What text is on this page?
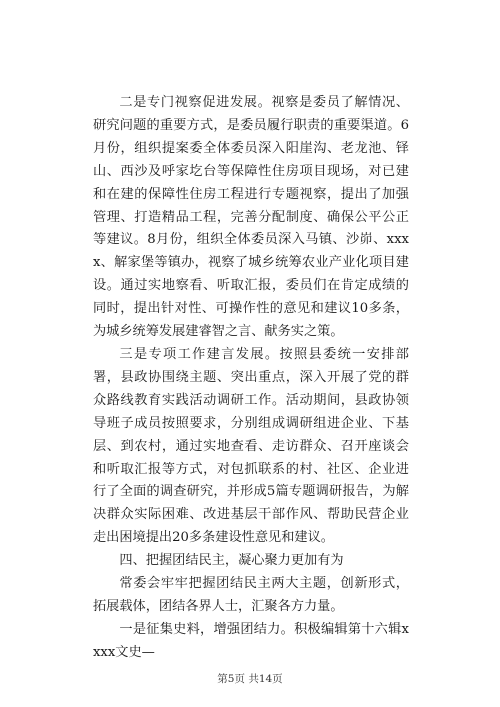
二是专门视察促进发展。视察是委员了解情况、研究问题的重要方式，是委员履行职责的重要渠道。6月份，组织提案委全体委员深入阳崖沟、老龙池、铎山、西沙及呼家圪台等保障性住房项目现场，对已建和在建的保障性住房工程进行专题视察，提出了加强管理、打造精品工程，完善分配制度、确保公平公正等建议。8月份，组织全体委员深入马镇、沙峁、xxxx、解家堡等镇办，视察了城乡统筹农业产业化项目建设。通过实地察看、听取汇报，委员们在肯定成绩的同时，提出针对性、可操作性的意见和建议10多条，为城乡统筹发展建睿智之言、献务实之策。

三是专项工作建言发展。按照县委统一安排部署，县政协围绕主题、突出重点，深入开展了党的群众路线教育实践活动调研工作。活动期间，县政协领导班子成员按照要求，分别组成调研组进企业、下基层、到农村，通过实地查看、走访群众、召开座谈会和听取汇报等方式，对包抓联系的村、社区、企业进行了全面的调查研究，并形成5篇专题调研报告，为解决群众实际困难、改进基层干部作风、帮助民营企业走出困境提出20多条建设性意见和建议。

四、把握团结民主，凝心聚力更加有为

常委会牢牢把握团结民主两大主题，创新形式，拓展载体，团结各界人士，汇聚各方力量。

一是征集史料，增强团结力。积极编辑第十六辑xxxx文史—

第5页 共14页
